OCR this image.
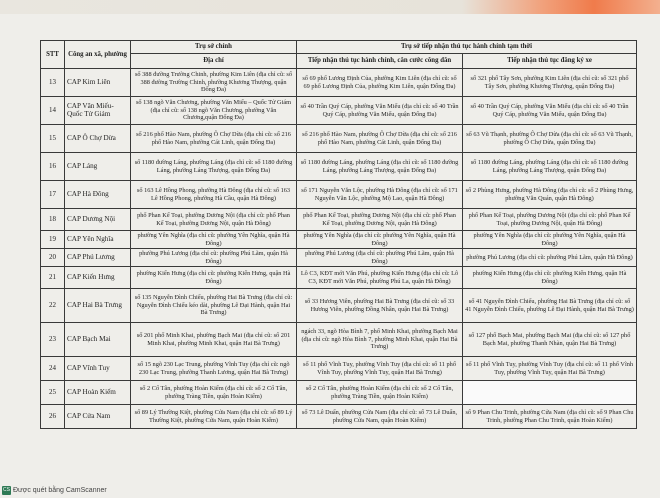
STT	Công an xã, phường	Trụ sở chính	Trụ sở tiếp nhận thủ tục hành chính tạm thời	
		Địa chỉ	Tiếp nhận thủ tục hành chính, căn cước công dân	Tiếp nhận thủ tục đăng ký xe
13	CAP Kim Liên	số 388 đường Trường Chinh, phường Kim Liên (địa chỉ cũ: số 388 đường Trường Chinh, phường Khương Thượng, quận Đống Đa)	số 69 phố Lương Định Của, phường Kim Liên (địa chỉ cũ: số 69 phố Lương Định Của, phường Kim Liên, quận Đống Đa)	số 321 phố Tây Sơn, phường Kim Liên (địa chỉ cũ: số 321 phố Tây Sơn, phường Khương Thượng, quận Đống Đa)
14	CAP Văn Miếu- Quốc Tử Giám	số 138 ngõ Văn Chương, phường Văn Miếu – Quốc Tử Giám (địa chỉ cũ: số 138 ngõ Văn Chương, phường Văn Chương,quận Đống Đa)	số 40 Trần Quý Cáp, phường Văn Miếu (địa chỉ cũ: số 40 Trần Quý Cáp, phường Văn Miếu, quận Đống Đa)	số 40 Trần Quý Cáp, phường Văn Miếu (địa chỉ cũ: số 40 Trần Quý Cáp, phường Văn Miếu, quận Đống Đa)
15	CAP Ô Chợ Dừa	số 216 phố Hào Nam, phường Ô Chợ Dừa (địa chỉ cũ: số 216 phố Hào Nam, phường Cát Linh, quận Đống Đa)	số 216 phố Hào Nam, phường Ô Chợ Dừa (địa chỉ cũ: số 216 phố Hào Nam, phường Cát Linh, quận Đống Đa)	số 63 Vũ Thạnh, phường Ô Chợ Dừa (địa chỉ cũ: số 63 Vũ Thạnh, phường Ô Chợ Dừa, quận Đống Đa)
16	CAP Láng	số 1180 đường Láng, phường Láng (địa chỉ cũ: số 1180 đường Láng, phường Láng Thượng, quận Đống Đa)	số 1180 đường Láng, phường Láng (địa chỉ cũ: số 1180 đường Láng, phường Láng Thượng, quận Đống Đa)	số 1180 đường Láng, phường Láng (địa chỉ cũ: số 1180 đường Láng, phường Láng Thượng, quận Đống Đa)
17	CAP Hà Đông	số 163 Lê Hồng Phong, phường Hà Đông (địa chỉ cũ: số 163 Lê Hồng Phong, phường Hà Cầu, quận Hà Đông)	số 171 Nguyễn Văn Lộc, phường Hà Đông (địa chỉ cũ: số 171 Nguyễn Văn Lộc, phường Mộ Lao, quận Hà Đông)	số 2 Phùng Hưng, phường Hà Đông (địa chỉ cũ: số 2 Phùng Hưng, phường Văn Quán, quận Hà Đông)
18	CAP Dương Nội	phố Phan Kế Toại, phường Dương Nội (địa chỉ cũ: phố Phan Kế Toại, phường Dương Nội, quận Hà Đông)	phố Phan Kế Toại, phường Dương Nội (địa chỉ cũ: phố Phan Kế Toại, phường Dương Nội, quận Hà Đông)	phố Phan Kế Toại, phường Dương Nội (địa chỉ cũ: phố Phan Kế Toại, phường Dương Nội, quận Hà Đông)
19	CAP Yên Nghĩa	phường Yên Nghĩa (địa chỉ cũ: phường Yên Nghĩa, quận Hà Đông)	phường Yên Nghĩa (địa chỉ cũ: phường Yên Nghĩa, quận Hà Đông)	phường Yên Nghĩa (địa chỉ cũ: phường Yên Nghĩa, quận Hà Đông)
20	CAP Phú Lương	phường Phú Lương (địa chỉ cũ: phường Phú Lãm, quận Hà Đông)	phường Phú Lương (địa chỉ cũ: phường Phú Lãm, quận Hà Đông)	phường Phú Lương (địa chỉ cũ: phường Phú Lãm, quận Hà Đông)
21	CAP Kiến Hưng	phường Kiến Hưng (địa chỉ cũ: phường Kiến Hưng, quận Hà Đông)	Lô C3, KĐT mới Văn Phú, phường Kiến Hưng (địa chỉ cũ: Lô C3, KĐT mới Văn Phú, phường Phú La, quận Hà Đông)	phường Kiến Hưng (địa chỉ cũ: phường Kiến Hưng, quận Hà Đông)
22	CAP Hai Bà Trưng	số 135 Nguyễn Đình Chiểu, phường Hai Bà Trưng (địa chỉ cũ: Nguyễn Đình Chiểu kéo dài, phường Lê Đại Hành, quận Hai Bà Trưng)	số 33 Hương Viên, phường Hai Bà Trưng (địa chỉ cũ: số 33 Hương Viên, phường Đồng Nhân, quận Hai Bà Trưng)	số 41 Nguyễn Đình Chiểu, phường Hai Bà Trưng (địa chỉ cũ: số 41 Nguyễn Đình Chiểu, phường Lê Đại Hành, quận Hai Bà Trưng)
23	CAP Bạch Mai	số 201 phố Minh Khai, phường Bạch Mai (địa chỉ cũ: số 201 Minh Khai, phường Minh Khai, quận Hai Bà Trưng)	ngách 33, ngõ Hòa Bình 7, phố Minh Khai, phường Bạch Mai (địa chỉ cũ: ngõ Hòa Bình 7, phường Minh Khai, quận Hai Bà Trưng)	số 127 phố Bạch Mai, phường Bạch Mai (địa chỉ cũ: số 127 phố Bạch Mai, phường Thanh Nhàn, quận Hai Bà Trưng)
24	CAP Vĩnh Tuy	số 15 ngõ 230 Lạc Trung, phường Vĩnh Tuy (địa chỉ cũ: ngõ 230 Lạc Trung, phường Thanh Lương, quận Hai Bà Trưng)	số 11 phố Vĩnh Tuy, phường Vĩnh Tuy (địa chỉ cũ: số 11 phố Vĩnh Tuy, phường Vĩnh Tuy, quận Hai Bà Trưng)	số 11 phố Vĩnh Tuy, phường Vĩnh Tuy (địa chỉ cũ: số 11 phố Vĩnh Tuy, phường Vĩnh Tuy, quận Hai Bà Trưng)
25	CAP Hoàn Kiếm	số 2 Cổ Tân, phường Hoàn Kiếm (địa chỉ cũ: số 2 Cổ Tân, phường Tràng Tiền, quận Hoàn Kiếm)	số 2 Cổ Tân, phường Hoàn Kiếm (địa chỉ cũ: số 2 Cổ Tân, phường Tràng Tiền, quận Hoàn Kiếm)	
26	CAP Cửa Nam	số 89 Lý Thường Kiệt, phường Cửa Nam (địa chỉ cũ: số 89 Lý Thường Kiệt, phường Cửa Nam, quận Hoàn Kiếm)	số 73 Lê Duẩn, phường Cửa Nam (địa chỉ cũ: số 73 Lê Duẩn, phường Cửa Nam, quận Hoàn Kiếm)	số 9 Phan Chu Trinh, phường Cửa Nam (địa chỉ cũ: số 9 Phan Chu Trinh, phường Phan Chu Trinh, quận Hoàn Kiếm)
CS Được quét bằng CamScanner
